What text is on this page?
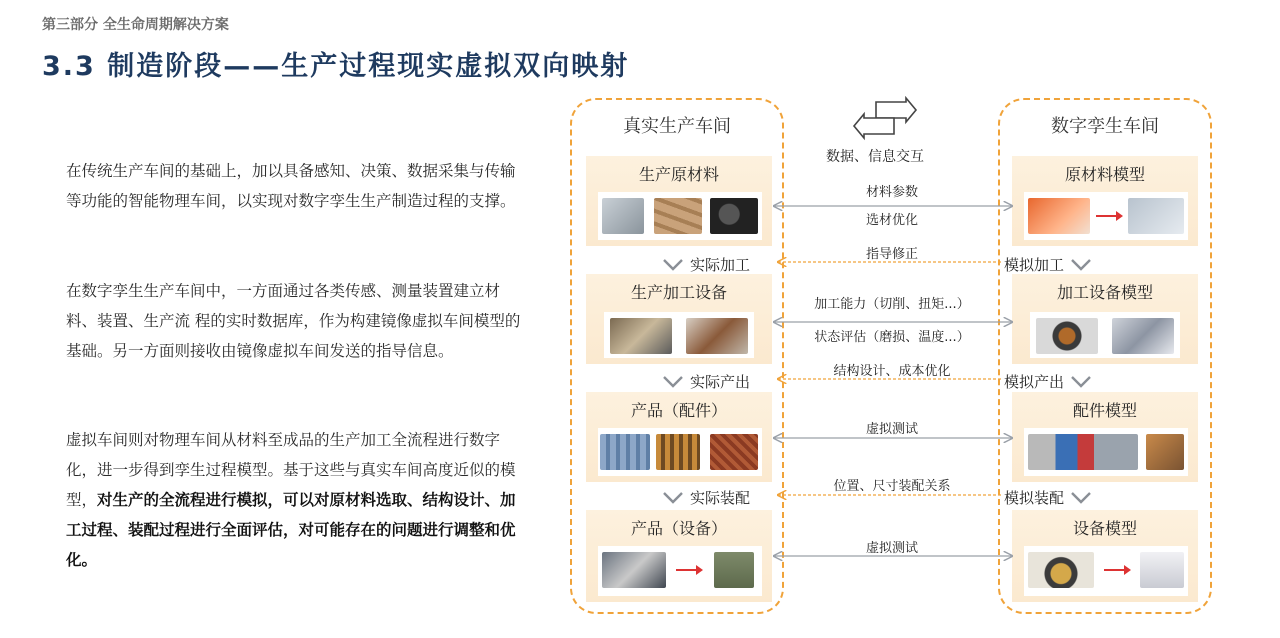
第三部分 全生命周期解决方案
3.3 制造阶段——生产过程现实虚拟双向映射
在传统生产车间的基础上，加以具备感知、决策、数据采集与传输等功能的智能物理车间，以实现对数字孪生生产制造过程的支撑。
在数字孪生生产车间中，一方面通过各类传感、测量装置建立材料、装置、生产流 程的实时数据库，作为构建镜像虚拟车间模型的基础。另一方面则接收由镜像虚拟车间发送的指导信息。
虚拟车间则对物理车间从材料至成品的生产加工全流程进行数字化，进一步得到孪生过程模型。基于这些与真实车间高度近似的模型，对生产的全流程进行模拟，可以对原材料选取、结构设计、加工过程、装配过程进行全面评估，对可能存在的问题进行调整和优化。
真实生产车间	数字孪生车间
数据、信息交互
生产原材料
生产加工设备
产品（配件）
产品（设备）
原材料模型
加工设备模型
配件模型
设备模型
实际加工
实际产出
实际装配
模拟加工
模拟产出
模拟装配
材料参数
选材优化
指导修正
加工能力（切削、扭矩...）
状态评估（磨损、温度...）
结构设计、成本优化
虚拟测试
位置、尺寸装配关系
虚拟测试
